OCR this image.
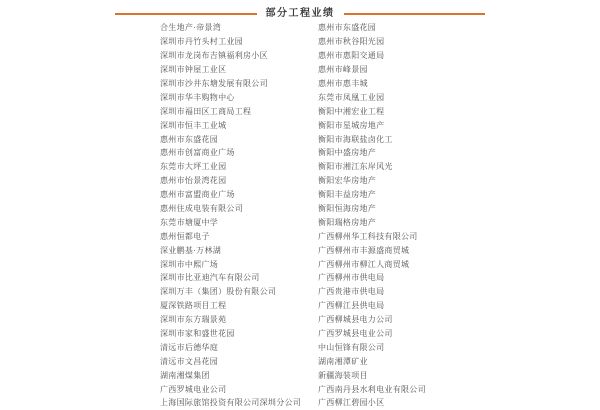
部分工程业绩
合生地产·帝景湾
深圳市丹竹头村工业园
深圳市龙岗布吉镇福利房小区
深圳市钟屋工业区
深圳市沙井东塘发展有限公司
深圳市华丰购物中心
深圳市福田区工商局工程
深圳市恒丰工业城
惠州市东盛花园
惠州市创富商业广场
东莞市大坪工业园
惠州市怡景湾花园
惠州市富盟商业广场
惠州住成电装有限公司
东莞市塘厦中学
惠州恒都电子
深业鹏基·万林湖
深圳市中熙广场
深圳市比亚迪汽车有限公司
深圳万丰（集团）股份有限公司
厦深铁路项目工程
深圳市东方瑞景苑
深圳市家和盛世花园
清远市后德华庭
清远市文昌花园
湖南湘煤集团
广西罗城电业公司
上海国际旅馆投资有限公司深圳分公司
惠州市东盛花园
惠州市秋谷阳光园
惠州市惠阳交通局
惠州市峰景园
惠州市惠丰城
东莞市凤凰工业园
衡阳中湘宏业工程
衡阳市星城房地产
衡阳市海联盐卤化工
衡阳中盛房地产
衡阳市湘江东岸风光
衡阳宏华房地产
衡阳丰益房地产
衡阳恒海房地产
衡阳瑞格房地产
广西柳州华工科技有限公司
广西柳州市丰源盛商贸城
广西柳州市柳江人商贸城
广西柳州市供电局
广西贵港市供电局
广西柳江县供电局
广西柳城县电力公司
广西罗城县电业公司
中山恒锋有限公司
湖南湘潭矿业
新疆海装项目
广西南丹县水利电业有限公司
广西柳江碧园小区
